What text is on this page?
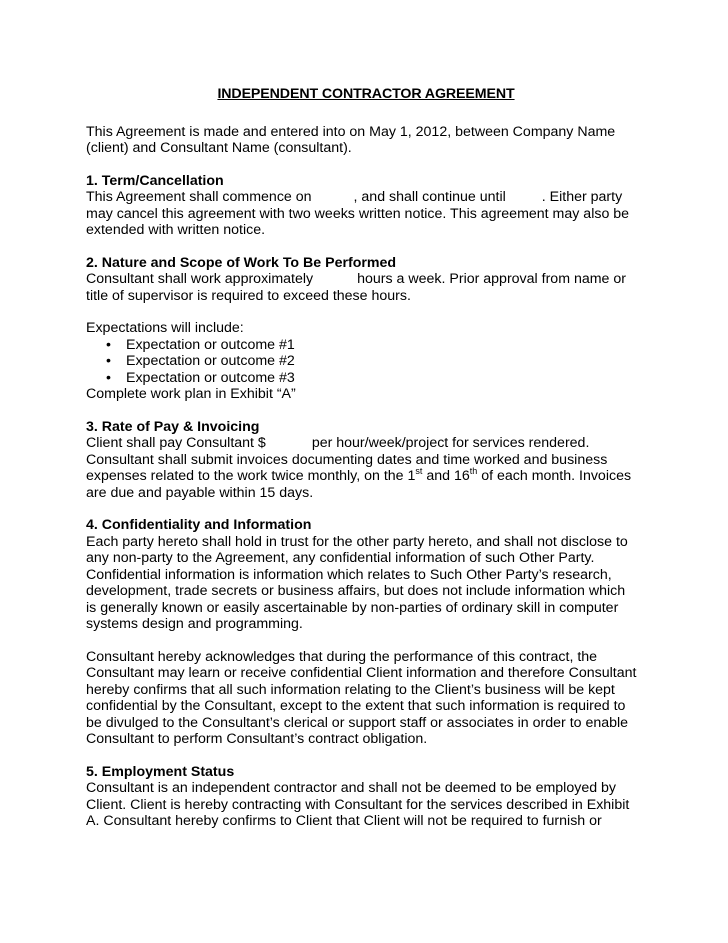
INDEPENDENT CONTRACTOR AGREEMENT
This Agreement is made and entered into on May 1, 2012, between Company Name
(client) and Consultant Name (consultant).
1. Term/Cancellation
This Agreement shall commence on	, and shall continue until	. Either party
may cancel this agreement with two weeks written notice. This agreement may also be
extended with written notice.
2. Nature and Scope of Work To Be Performed
Consultant shall work approximately	hours a week. Prior approval from name or
title of supervisor is required to exceed these hours.
Expectations will include:
• Expectation or outcome #1
• Expectation or outcome #2
• Expectation or outcome #3
Complete work plan in Exhibit “A”
3. Rate of Pay & Invoicing
Client shall pay Consultant $	per hour/week/project for services rendered.
Consultant shall submit invoices documenting dates and time worked and business
expenses related to the work twice monthly, on the 1st and 16th of each month. Invoices
are due and payable within 15 days.
4. Confidentiality and Information
Each party hereto shall hold in trust for the other party hereto, and shall not disclose to
any non-party to the Agreement, any confidential information of such Other Party.
Confidential information is information which relates to Such Other Party’s research,
development, trade secrets or business affairs, but does not include information which
is generally known or easily ascertainable by non-parties of ordinary skill in computer
systems design and programming.
Consultant hereby acknowledges that during the performance of this contract, the
Consultant may learn or receive confidential Client information and therefore Consultant
hereby confirms that all such information relating to the Client’s business will be kept
confidential by the Consultant, except to the extent that such information is required to
be divulged to the Consultant’s clerical or support staff or associates in order to enable
Consultant to perform Consultant’s contract obligation.
5. Employment Status
Consultant is an independent contractor and shall not be deemed to be employed by
Client. Client is hereby contracting with Consultant for the services described in Exhibit
A. Consultant hereby confirms to Client that Client will not be required to furnish or
